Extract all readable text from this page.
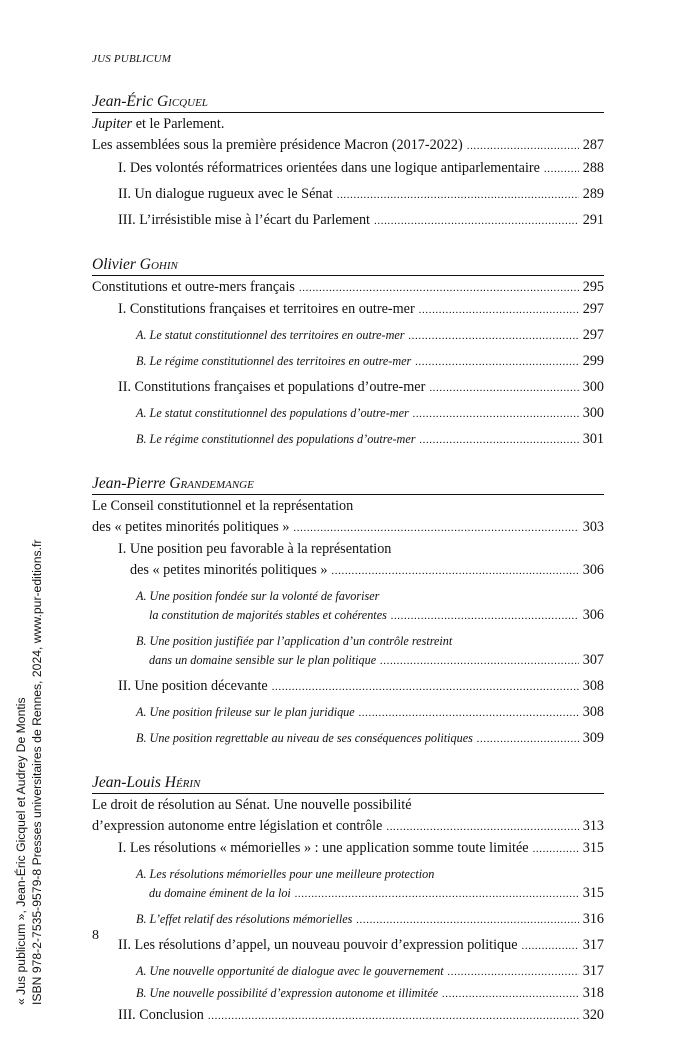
JUS PUBLICUM
Jean-Éric Gicquel
Jupiter et le Parlement.
Les assemblées sous la première présidence Macron (2017-2022) .....	287
I. Des volontés réformatrices orientées dans une logique antiparlementaire .....	288
II. Un dialogue rugueux avec le Sénat .....	289
III. L’irrésistible mise à l’écart du Parlement .....	291
Olivier Gohin
Constitutions et outre-mers français .....	295
I. Constitutions françaises et territoires en outre-mer .....	297
A. Le statut constitutionnel des territoires en outre-mer .....	297
B. Le régime constitutionnel des territoires en outre-mer .....	299
II. Constitutions françaises et populations d’outre-mer .....	300
A. Le statut constitutionnel des populations d’outre-mer .....	300
B. Le régime constitutionnel des populations d’outre-mer .....	301
Jean-Pierre Grandemange
Le Conseil constitutionnel et la représentation
des « petites minorités politiques » .....	303
I. Une position peu favorable à la représentation
des « petites minorités politiques » .....	306
A. Une position fondée sur la volonté de favoriser
la constitution de majorités stables et cohérentes .....	306
B. Une position justifiée par l’application d’un contrôle restreint
dans un domaine sensible sur le plan politique .....	307
II. Une position décevante .....	308
A. Une position frileuse sur le plan juridique .....	308
B. Une position regrettable au niveau de ses conséquences politiques .....	309
Jean-Louis Hérin
Le droit de résolution au Sénat. Une nouvelle possibilité
d’expression autonome entre législation et contrôle .....	313
I. Les résolutions « mémorielles » : une application somme toute limitée .....	315
A. Les résolutions mémorielles pour une meilleure protection
du domaine éminent de la loi .....	315
B. L’effet relatif des résolutions mémorielles .....	316
II. Les résolutions d’appel, un nouveau pouvoir d’expression politique .....	317
A. Une nouvelle opportunité de dialogue avec le gouvernement .....	317
B. Une nouvelle possibilité d’expression autonome et illimitée .....	318
III. Conclusion .....	320
8
« Jus publicum », Jean-Éric Gicquel et Audrey De Montis ISBN 978-2-7535-9579-8 Presses universitaires de Rennes, 2024, www.pur-editions.fr
